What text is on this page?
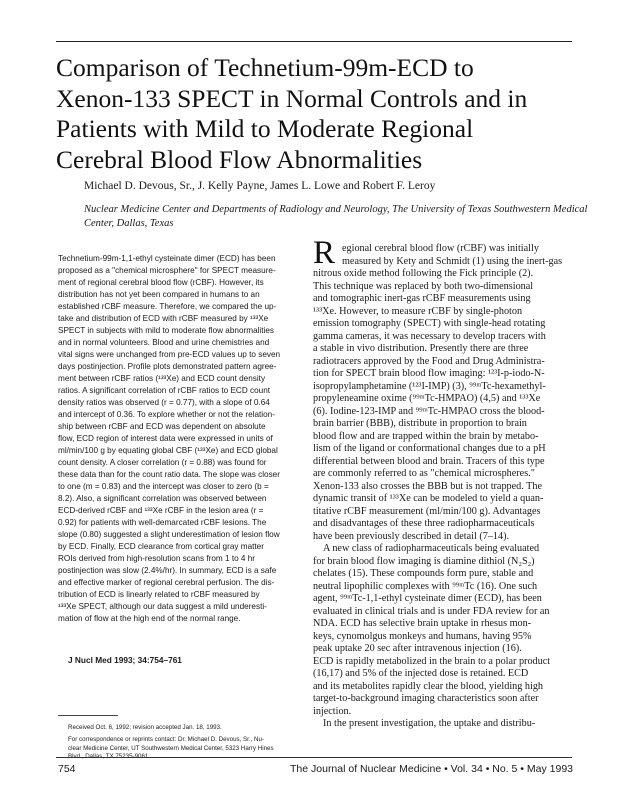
Comparison of Technetium-99m-ECD to
Xenon-133 SPECT in Normal Controls and in
Patients with Mild to Moderate Regional
Cerebral Blood Flow Abnormalities
Michael D. Devous, Sr., J. Kelly Payne, James L. Lowe and Robert F. Leroy
Nuclear Medicine Center and Departments of Radiology and Neurology, The University of Texas Southwestern Medical
Center, Dallas, Texas
Technetium-99m-1,1-ethyl cysteinate dimer (ECD) has been
proposed as a "chemical microsphere" for SPECT measure-
ment of regional cerebral blood flow (rCBF). However, its
distribution has not yet been compared in humans to an
established rCBF measure. Therefore, we compared the up-
take and distribution of ECD with rCBF measured by ¹³³Xe
SPECT in subjects with mild to moderate flow abnormalities
and in normal volunteers. Blood and urine chemistries and
vital signs were unchanged from pre-ECD values up to seven
days postinjection. Profile plots demonstrated pattern agree-
ment between rCBF ratios (¹³³Xe) and ECD count density
ratios. A significant correlation of rCBF ratios to ECD count
density ratios was observed (r = 0.77), with a slope of 0.64
and intercept of 0.36. To explore whether or not the relation-
ship between rCBF and ECD was dependent on absolute
flow, ECD region of interest data were expressed in units of
ml/min/100 g by equating global CBF (¹³³Xe) and ECD global
count density. A closer correlation (r = 0.88) was found for
these data than for the count ratio data. The slope was closer
to one (m = 0.83) and the intercept was closer to zero (b =
8.2). Also, a significant correlation was observed between
ECD-derived rCBF and ¹³³Xe rCBF in the lesion area (r =
0.92) for patients with well-demarcated rCBF lesions. The
slope (0.80) suggested a slight underestimation of lesion flow
by ECD. Finally, ECD clearance from cortical gray matter
ROIs derived from high-resolution scans from 1 to 4 hr
postinjection was slow (2.4%/hr). In summary, ECD is a safe
and effective marker of regional cerebral perfusion. The dis-
tribution of ECD is linearly related to rCBF measured by
¹³³Xe SPECT, although our data suggest a mild underesti-
mation of flow at the high end of the normal range.
J Nucl Med 1993; 34:754–761
Received Oct. 6, 1992; revision accepted Jan. 18, 1993.
For correspondence or reprints contact: Dr. Michael D. Devous, Sr., Nu-
clear Medicine Center, UT Southwestern Medical Center, 5323 Harry Hines
R egional cerebral blood flow (rCBF) was initially
measured by Kety and Schmidt (1) using the inert-gas
nitrous oxide method following the Fick principle (2).
This technique was replaced by both two-dimensional
and tomographic inert-gas rCBF measurements using
¹³³Xe. However, to measure rCBF by single-photon
emission tomography (SPECT) with single-head rotating
gamma cameras, it was necessary to develop tracers with
a stable in vivo distribution. Presently there are three
radiotracers approved by the Food and Drug Administra-
tion for SPECT brain blood flow imaging: ¹²³I-p-iodo-N-
isopropylamphetamine (¹²³I-IMP) (3), ⁹⁹ᵐTc-hexamethyl-
propyleneamine oxime (⁹⁹ᵐTc-HMPAO) (4,5) and ¹³³Xe
(6). Iodine-123-IMP and ⁹⁹ᵐTc-HMPAO cross the blood-
brain barrier (BBB), distribute in proportion to brain
blood flow and are trapped within the brain by metabo-
lism of the ligand or conformational changes due to a pH
differential between blood and brain. Tracers of this type
are commonly referred to as "chemical microspheres."
Xenon-133 also crosses the BBB but is not trapped. The
dynamic transit of ¹³³Xe can be modeled to yield a quan-
titative rCBF measurement (ml/min/100 g). Advantages
and disadvantages of these three radiopharmaceuticals
have been previously described in detail (7–14).
A new class of radiopharmaceuticals being evaluated
for brain blood flow imaging is diamine dithiol (N₂S₂)
chelates (15). These compounds form pure, stable and
neutral lipophilic complexes with ⁹⁹ᵐTc (16). One such
agent, ⁹⁹ᵐTc-1,1-ethyl cysteinate dimer (ECD), has been
evaluated in clinical trials and is under FDA review for an
NDA. ECD has selective brain uptake in rhesus mon-
keys, cynomolgus monkeys and humans, having 95%
peak uptake 20 sec after intravenous injection (16).
ECD is rapidly metabolized in the brain to a polar product
(16,17) and 5% of the injected dose is retained. ECD
and its metabolites rapidly clear the blood, yielding high
target-to-background imaging characteristics soon after
injection.
In the present investigation, the uptake and distribu-
754	The Journal of Nuclear Medicine • Vol. 34 • No. 5 • May 1993
